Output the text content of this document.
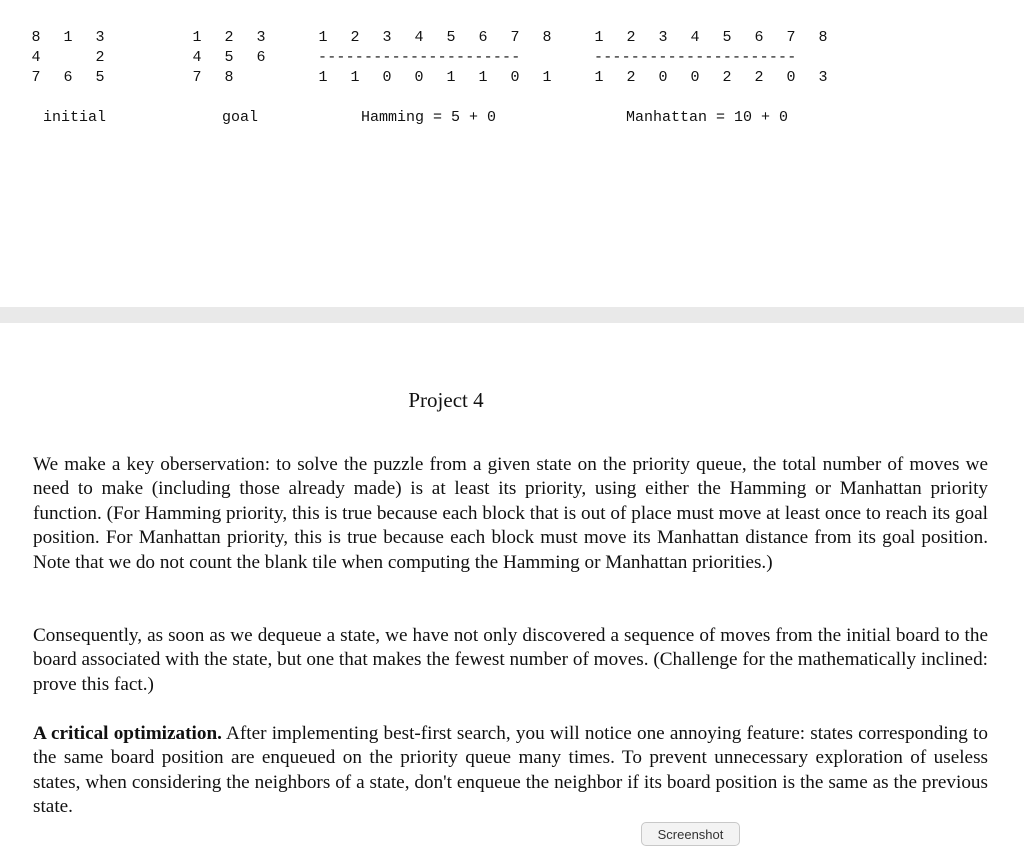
8 1 3
4	2
7 6 5
initial
1 2 3
4 5 6
7 8
goal
1 2 3 4 5 6 7 8
----------------------
1 1 0 0 1 1 0 1
Hamming = 5 + 0
1 2 3 4 5 6 7 8
----------------------
1 2 0 0 2 2 0 3
Manhattan = 10 + 0
Project 4
We make a key oberservation: to solve the puzzle from a given state on the priority queue, the total number of moves we need to make (including those already made) is at least its priority, using either the Hamming or Manhattan priority function. (For Hamming priority, this is true because each block that is out of place must move at least once to reach its goal position. For Manhattan priority, this is true because each block must move its Manhattan distance from its goal position. Note that we do not count the blank tile when computing the Hamming or Manhattan priorities.)
Consequently, as soon as we dequeue a state, we have not only discovered a sequence of moves from the initial board to the board associated with the state, but one that makes the fewest number of moves. (Challenge for the mathematically inclined: prove this fact.)
A critical optimization. After implementing best-first search, you will notice one annoying feature: states corresponding to the same board position are enqueued on the priority queue many times. To prevent unnecessary exploration of useless states, when considering the neighbors of a state, don't enqueue the neighbor if its board position is the same as the previous state.
Screenshot
